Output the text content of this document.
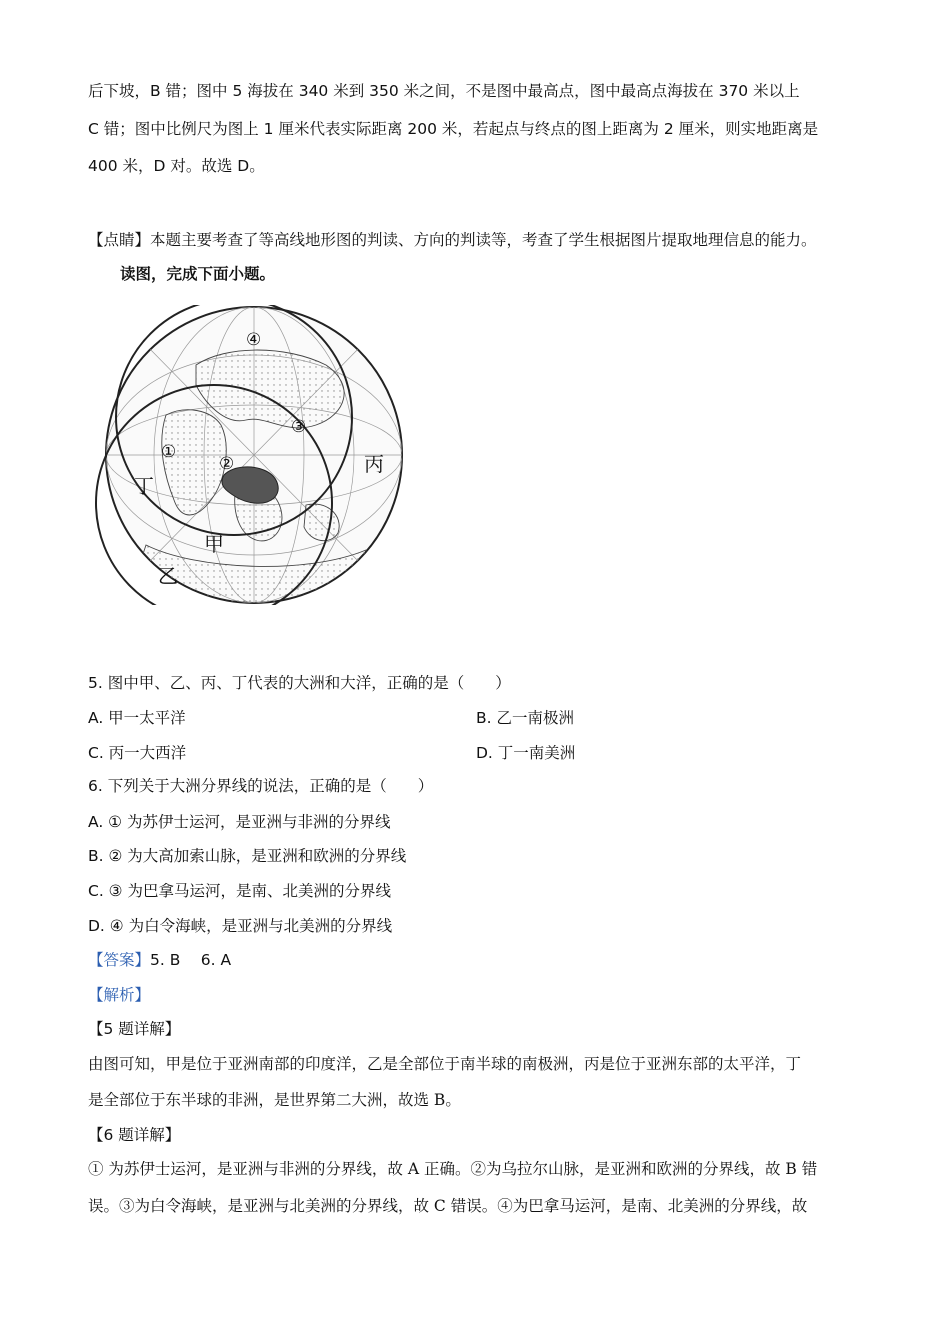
后下坡，B 错；图中 5 海拔在 340 米到 350 米之间，不是图中最高点，图中最高点海拔在 370 米以上
C 错；图中比例尺为图上 1 厘米代表实际距离 200 米，若起点与终点的图上距离为 2 厘米，则实地距离是
400 米，D 对。故选 D。
【点睛】本题主要考查了等高线地形图的判读、方向的判读等，考查了学生根据图片提取地理信息的能力。
读图，完成下面小题。
④
③
①
②	丙
丁
甲
乙
5. 图中甲、乙、丙、丁代表的大洲和大洋，正确的是（　　）
A. 甲一太平洋	B. 乙一南极洲
C. 丙一大西洋	D. 丁一南美洲
6. 下列关于大洲分界线的说法，正确的是（　　）
A. ① 为苏伊士运河，是亚洲与非洲的分界线
B. ② 为大高加索山脉，是亚洲和欧洲的分界线
C. ③ 为巴拿马运河，是南、北美洲的分界线
D. ④ 为白令海峡，是亚洲与北美洲的分界线
【答案】5. B　 6. A
【解析】
【5 题详解】
由图可知，甲是位于亚洲南部的印度洋，乙是全部位于南半球的南极洲，丙是位于亚洲东部的太平洋，丁
是全部位于东半球的非洲，是世界第二大洲，故选 B。
【6 题详解】
① 为苏伊士运河，是亚洲与非洲的分界线，故 A 正确。②为乌拉尔山脉，是亚洲和欧洲的分界线，故 B 错
误。③为白令海峡，是亚洲与北美洲的分界线，故 C 错误。④为巴拿马运河，是南、北美洲的分界线，故
